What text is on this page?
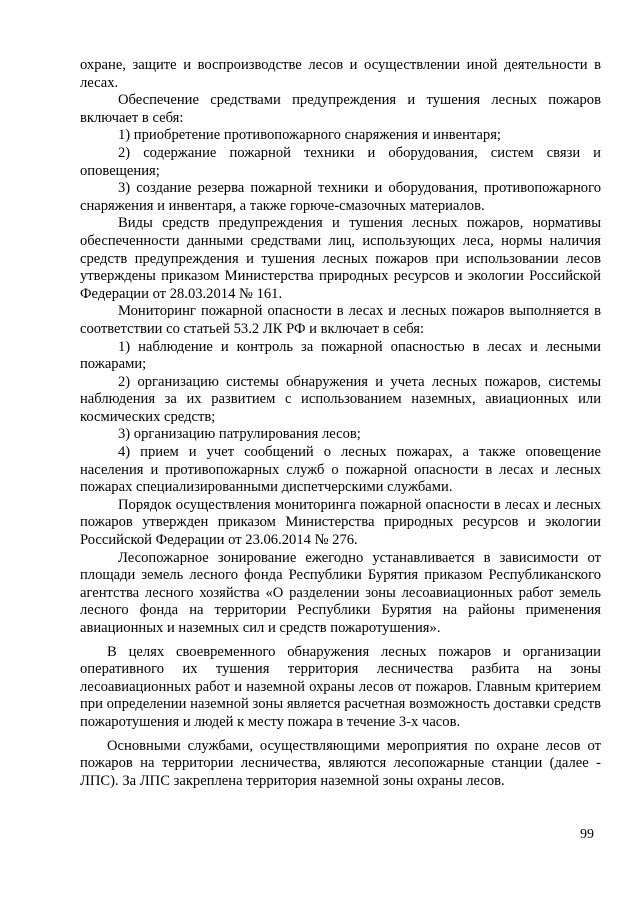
охране, защите и воспроизводстве лесов и осуществлении иной деятельности в лесах.

Обеспечение средствами предупреждения и тушения лесных пожаров включает в себя:

1) приобретение противопожарного снаряжения и инвентаря;

2) содержание пожарной техники и оборудования, систем связи и оповещения;

3) создание резерва пожарной техники и оборудования, противопожарного снаряжения и инвентаря, а также горюче-смазочных материалов.

Виды средств предупреждения и тушения лесных пожаров, нормативы обеспеченности данными средствами лиц, использующих леса, нормы наличия средств предупреждения и тушения лесных пожаров при использовании лесов утверждены приказом Министерства природных ресурсов и экологии Российской Федерации от 28.03.2014 № 161.

Мониторинг пожарной опасности в лесах и лесных пожаров выполняется в соответствии со статьей 53.2 ЛК РФ и включает в себя:

1) наблюдение и контроль за пожарной опасностью в лесах и лесными пожарами;

2) организацию системы обнаружения и учета лесных пожаров, системы наблюдения за их развитием с использованием наземных, авиационных или космических средств;

3) организацию патрулирования лесов;

4) прием и учет сообщений о лесных пожарах, а также оповещение населения и противопожарных служб о пожарной опасности в лесах и лесных пожарах специализированными диспетчерскими службами.

Порядок осуществления мониторинга пожарной опасности в лесах и лесных пожаров утвержден приказом Министерства природных ресурсов и экологии Российской Федерации от 23.06.2014 № 276.

Лесопожарное зонирование ежегодно устанавливается в зависимости от площади земель лесного фонда Республики Бурятия приказом Республиканского агентства лесного хозяйства «О разделении зоны лесоавиационных работ земель лесного фонда на территории Республики Бурятия на районы применения авиационных и наземных сил и средств пожаротушения».

В целях своевременного обнаружения лесных пожаров и организации оперативного их тушения территория лесничества разбита на зоны лесоавиационных работ и наземной охраны лесов от пожаров. Главным критерием при определении наземной зоны является расчетная возможность доставки средств пожаротушения и людей к месту пожара в течение 3-х часов.

Основными службами, осуществляющими мероприятия по охране лесов от пожаров на территории лесничества, являются лесопожарные станции (далее - ЛПС). За ЛПС закреплена территория наземной зоны охраны лесов.

99
